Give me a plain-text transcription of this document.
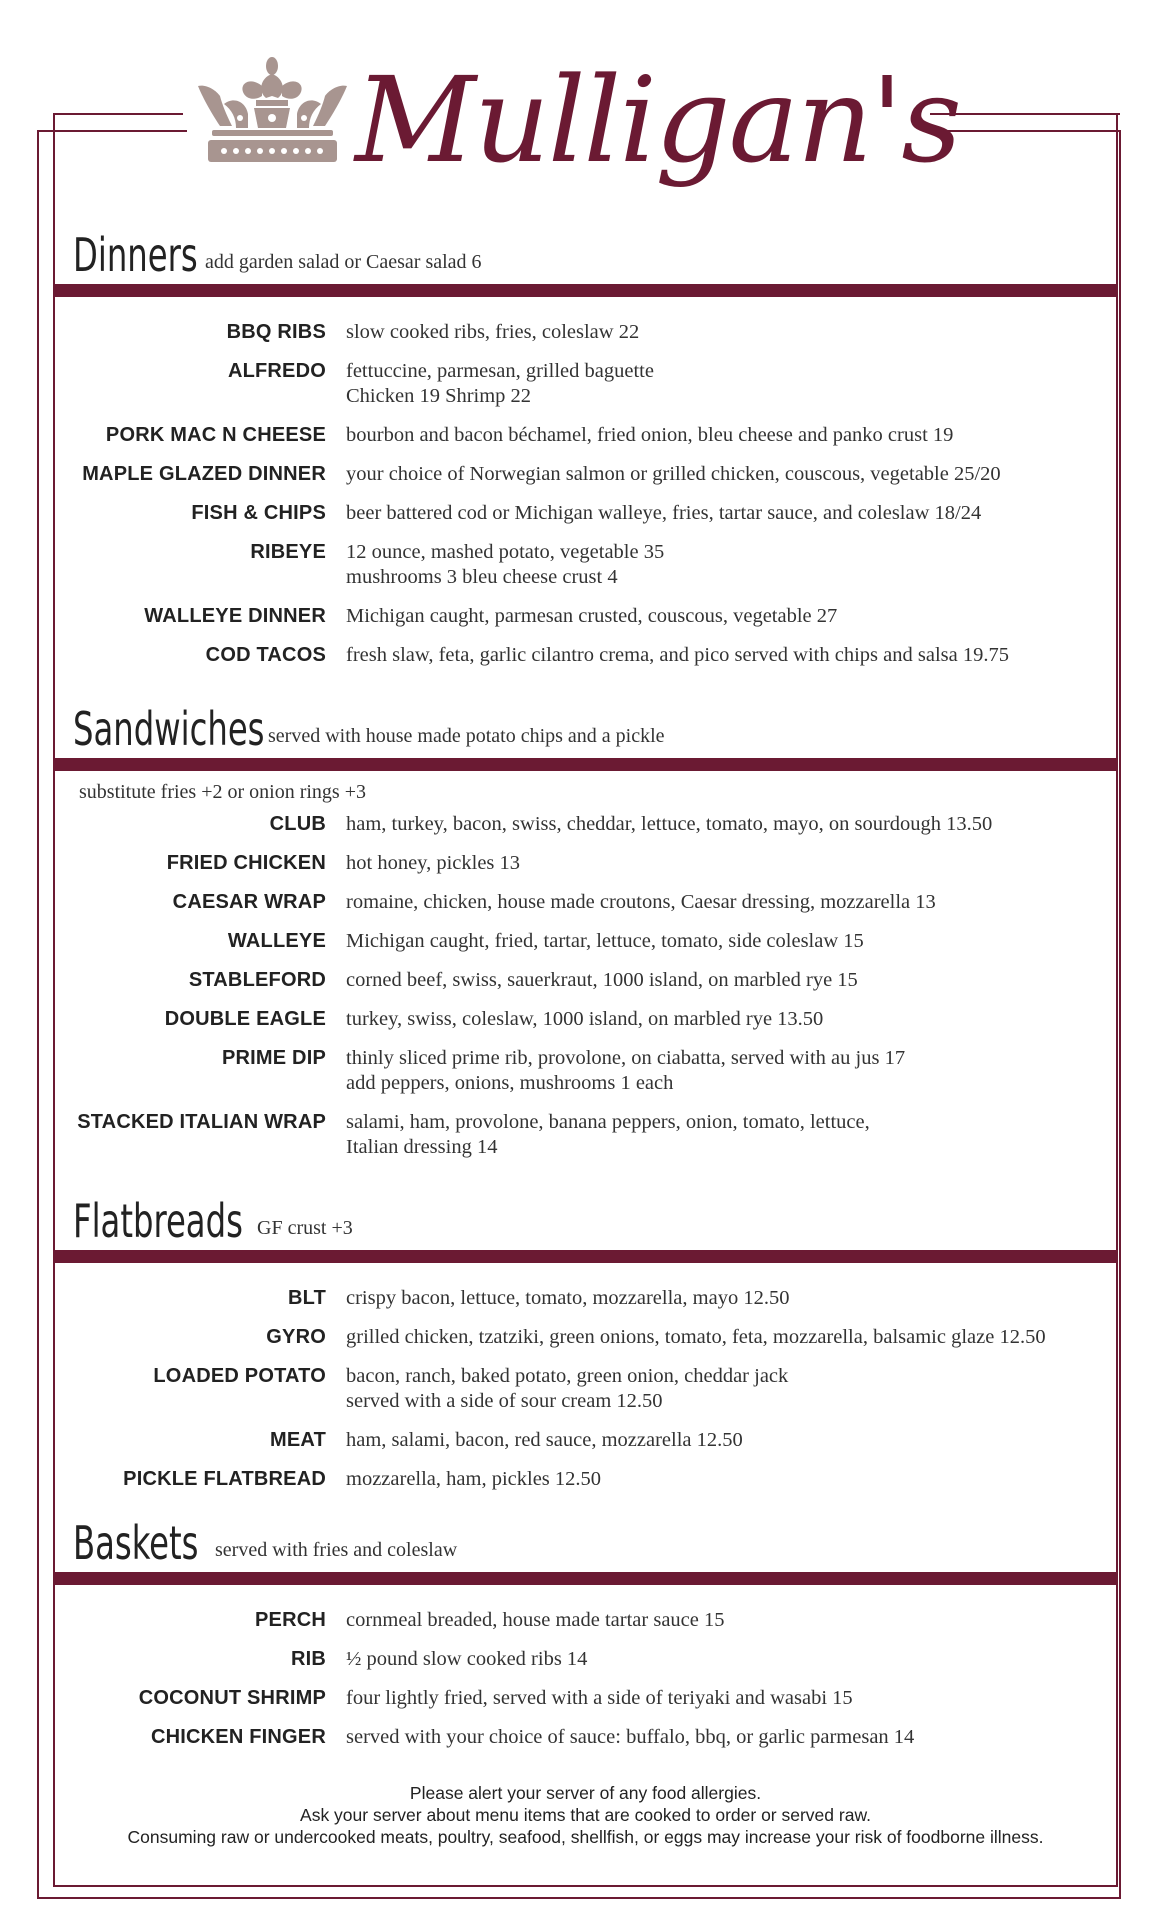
Mulligan's
Dinners add garden salad or Caesar salad 6
BBQ RIBS slow cooked ribs, fries, coleslaw 22
ALFREDO fettuccine, parmesan, grilled baguette
Chicken 19 Shrimp 22
PORK MAC N CHEESE bourbon and bacon béchamel, fried onion, bleu cheese and panko crust 19
MAPLE GLAZED DINNER your choice of Norwegian salmon or grilled chicken, couscous, vegetable 25/20
FISH & CHIPS beer battered cod or Michigan walleye, fries, tartar sauce, and coleslaw 18/24
RIBEYE 12 ounce, mashed potato, vegetable 35
mushrooms 3 bleu cheese crust 4
WALLEYE DINNER Michigan caught, parmesan crusted, couscous, vegetable 27
COD TACOS fresh slaw, feta, garlic cilantro crema, and pico served with chips and salsa 19.75
Sandwiches served with house made potato chips and a pickle
substitute fries +2 or onion rings +3
CLUB ham, turkey, bacon, swiss, cheddar, lettuce, tomato, mayo, on sourdough 13.50
FRIED CHICKEN hot honey, pickles 13
CAESAR WRAP romaine, chicken, house made croutons, Caesar dressing, mozzarella 13
WALLEYE Michigan caught, fried, tartar, lettuce, tomato, side coleslaw 15
STABLEFORD corned beef, swiss, sauerkraut, 1000 island, on marbled rye 15
DOUBLE EAGLE turkey, swiss, coleslaw, 1000 island, on marbled rye 13.50
PRIME DIP thinly sliced prime rib, provolone, on ciabatta, served with au jus 17
add peppers, onions, mushrooms 1 each
STACKED ITALIAN WRAP salami, ham, provolone, banana peppers, onion, tomato, lettuce,
Italian dressing 14
Flatbreads GF crust +3
BLT crispy bacon, lettuce, tomato, mozzarella, mayo 12.50
GYRO grilled chicken, tzatziki, green onions, tomato, feta, mozzarella, balsamic glaze 12.50
LOADED POTATO bacon, ranch, baked potato, green onion, cheddar jack
served with a side of sour cream 12.50
MEAT ham, salami, bacon, red sauce, mozzarella 12.50
PICKLE FLATBREAD mozzarella, ham, pickles 12.50
Baskets served with fries and coleslaw
PERCH cornmeal breaded, house made tartar sauce 15
RIB ½ pound slow cooked ribs 14
COCONUT SHRIMP four lightly fried, served with a side of teriyaki and wasabi 15
CHICKEN FINGER served with your choice of sauce: buffalo, bbq, or garlic parmesan 14
Please alert your server of any food allergies.
Ask your server about menu items that are cooked to order or served raw.
Consuming raw or undercooked meats, poultry, seafood, shellfish, or eggs may increase your risk of foodborne illness.
